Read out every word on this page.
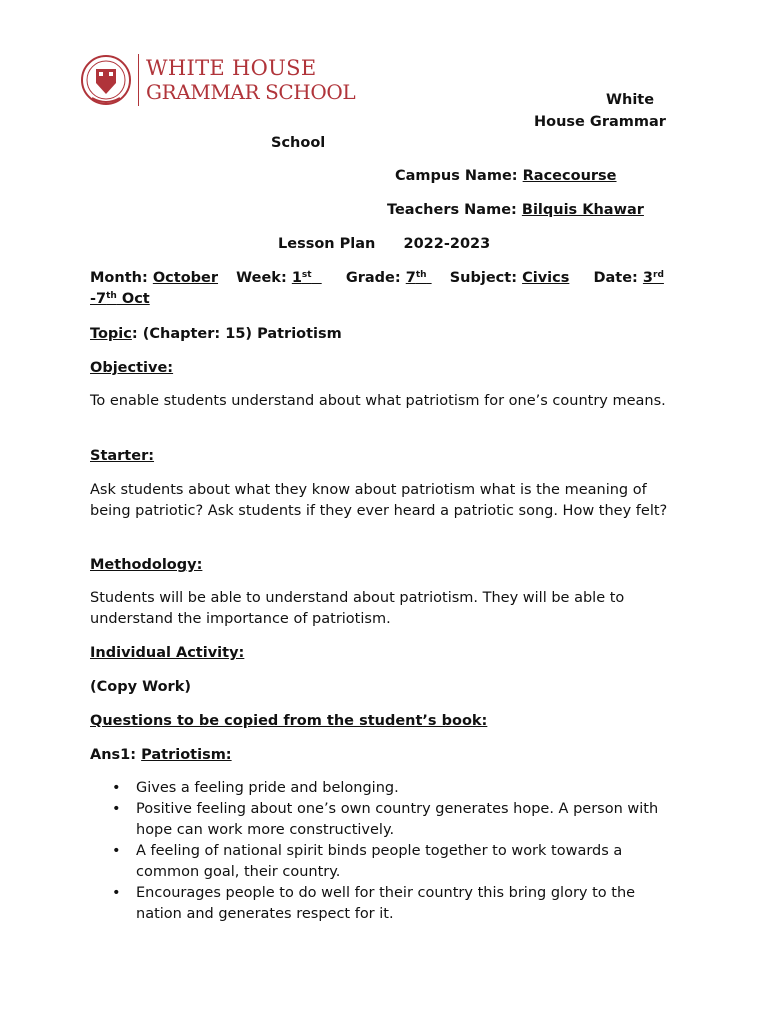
WHITE HOUSE
GRAMMAR SCHOOL	White
House Grammar
School
Campus Name: Racecourse
Teachers Name: Bilquis Khawar
Lesson Plan 2022-2023
Month: October Week: 1st Grade: 7th Subject: Civics Date: 3rd
-7th Oct
Topic: (Chapter: 15) Patriotism
Objective:
To enable students understand about what patriotism for one’s country means.
Starter:
Ask students about what they know about patriotism what is the meaning of being patriotic? Ask students if they ever heard a patriotic song. How they felt?
Methodology:
Students will be able to understand about patriotism. They will be able to understand the importance of patriotism.
Individual Activity:
(Copy Work)
Questions to be copied from the student’s book:
Ans1: Patriotism:
• Gives a feeling pride and belonging.
• Positive feeling about one’s own country generates hope. A person with hope can work more constructively.
• A feeling of national spirit binds people together to work towards a common goal, their country.
• Encourages people to do well for their country this bring glory to the nation and generates respect for it.
